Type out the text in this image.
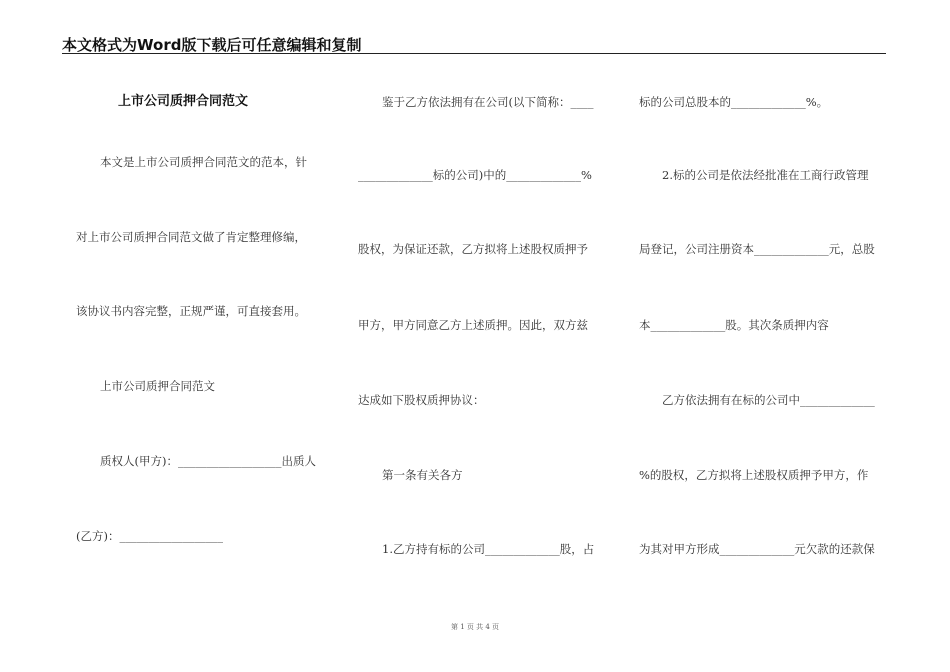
本文格式为Word版下载后可任意编辑和复制
上市公司质押合同范文
本文是上市公司质押合同范文的范本，针
对上市公司质押合同范文做了肯定整理修编，
该协议书内容完整，正规严谨，可直接套用。
上市公司质押合同范文
质权人(甲方)：__________________出质人
(乙方)：__________________
鉴于乙方依法拥有在公司(以下简称：____
_____________标的公司)中的_____________%
股权，为保证还款，乙方拟将上述股权质押予
甲方，甲方同意乙方上述质押。因此，双方兹
达成如下股权质押协议：
第一条有关各方
1.乙方持有标的公司_____________股，占
标的公司总股本的_____________%。
2.标的公司是依法经批准在工商行政管理
局登记，公司注册资本_____________元，总股
本_____________股。其次条质押内容
乙方依法拥有在标的公司中_____________
%的股权，乙方拟将上述股权质押予甲方，作
为其对甲方形成_____________元欠款的还款保
第 1 页 共 4 页
